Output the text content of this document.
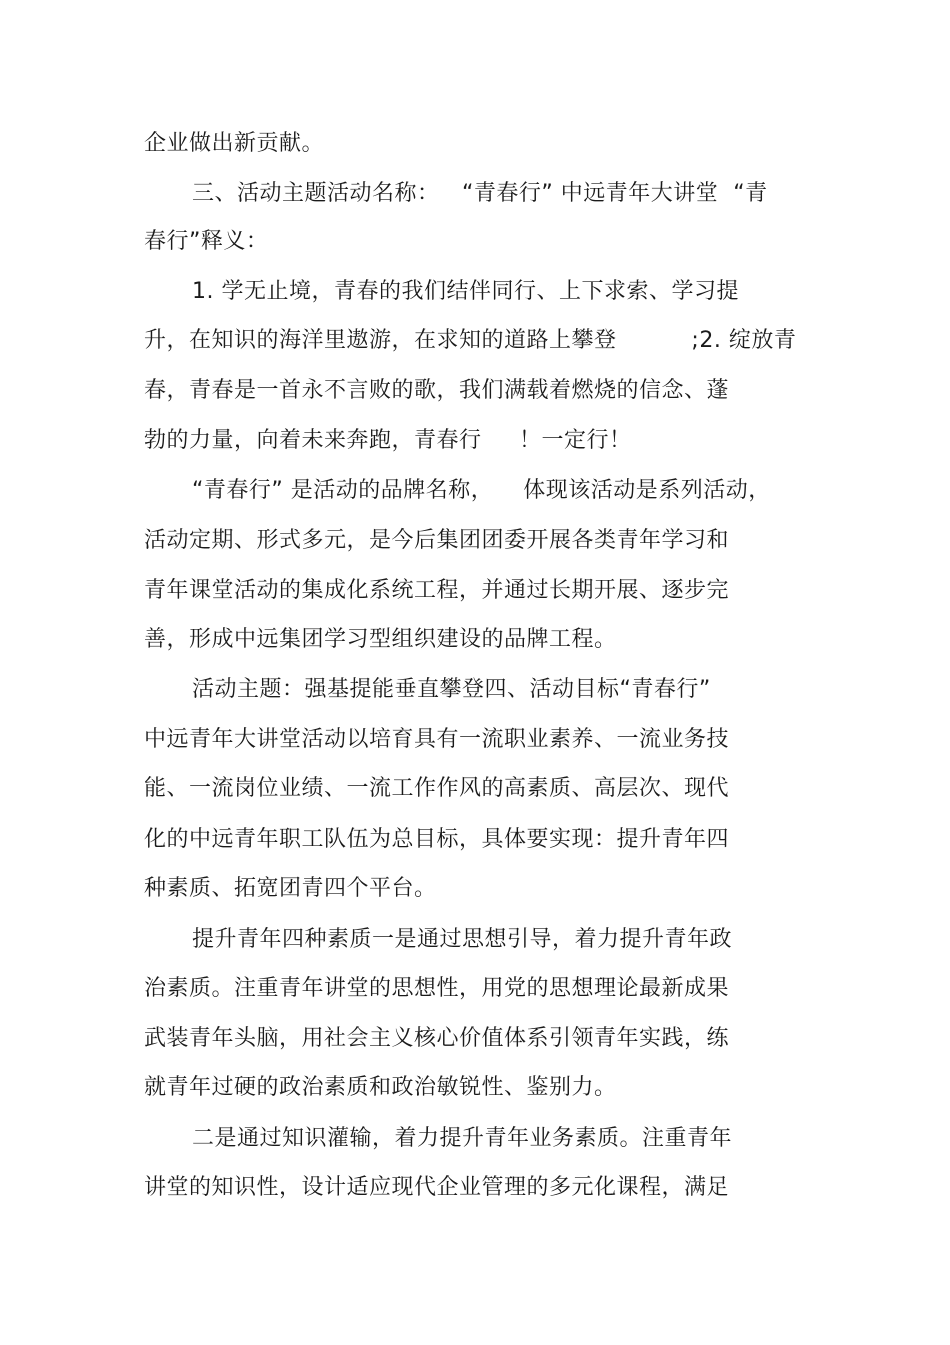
企业做出新贡献。
三、活动主题活动名称：   “青春行” 中远青年大讲堂  “青
春行”释义：
1. 学无止境，青春的我们结伴同行、上下求索、学习提
升，在知识的海洋里遨游，在求知的道路上攀登          ;2. 绽放青
春，青春是一首永不言败的歌，我们满载着燃烧的信念、蓬
勃的力量，向着未来奔跑，青春行     ！一定行！
“青春行” 是活动的品牌名称，    体现该活动是系列活动，
活动定期、形式多元，是今后集团团委开展各类青年学习和
青年课堂活动的集成化系统工程，并通过长期开展、逐步完
善，形成中远集团学习型组织建设的品牌工程。
活动主题：强基提能垂直攀登四、活动目标“青春行”
中远青年大讲堂活动以培育具有一流职业素养、一流业务技
能、一流岗位业绩、一流工作作风的高素质、高层次、现代
化的中远青年职工队伍为总目标，具体要实现：提升青年四
种素质、拓宽团青四个平台。
提升青年四种素质一是通过思想引导，着力提升青年政
治素质。注重青年讲堂的思想性，用党的思想理论最新成果
武装青年头脑，用社会主义核心价值体系引领青年实践，练
就青年过硬的政治素质和政治敏锐性、鉴别力。
二是通过知识灌输，着力提升青年业务素质。注重青年
讲堂的知识性，设计适应现代企业管理的多元化课程，满足
